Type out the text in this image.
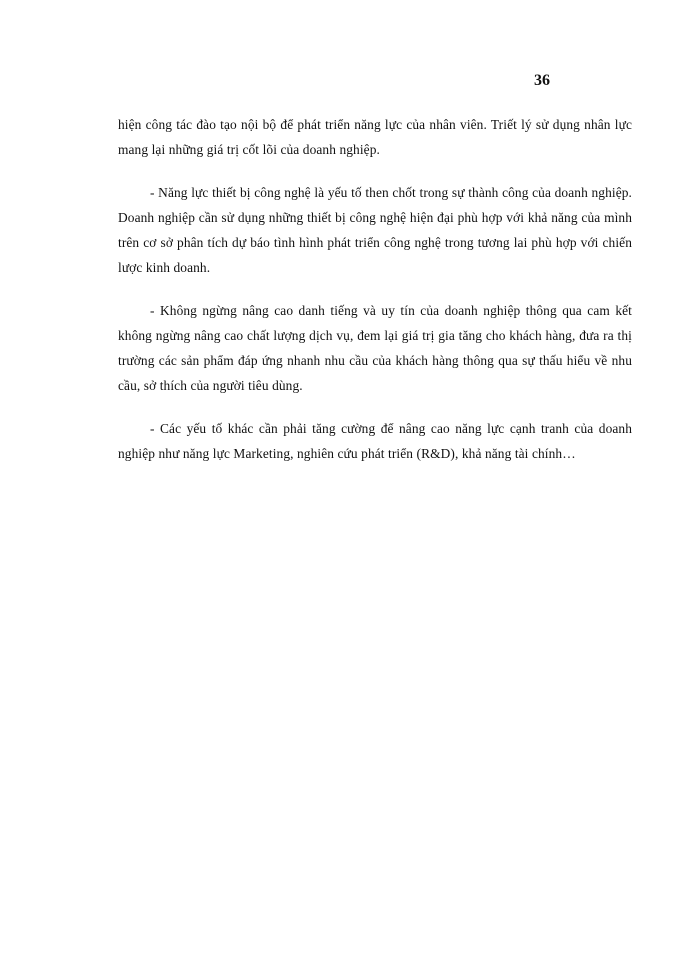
36

hiện công tác đào tạo nội bộ để phát triển năng lực của nhân viên. Triết lý sử dụng nhân lực mang lại những giá trị cốt lõi của doanh nghiệp.

- Năng lực thiết bị công nghệ là yếu tố then chốt trong sự thành công của doanh nghiệp. Doanh nghiệp cần sử dụng những thiết bị công nghệ hiện đại phù hợp với khả năng của mình trên cơ sở phân tích dự báo tình hình phát triển công nghệ trong tương lai phù hợp với chiến lược kinh doanh.

- Không ngừng nâng cao danh tiếng và uy tín của doanh nghiệp thông qua cam kết không ngừng nâng cao chất lượng dịch vụ, đem lại giá trị gia tăng cho khách hàng, đưa ra thị trường các sản phẩm đáp ứng nhanh nhu cầu của khách hàng thông qua sự thấu hiểu về nhu cầu, sở thích của người tiêu dùng.

- Các yếu tố khác cần phải tăng cường để nâng cao năng lực cạnh tranh của doanh nghiệp như năng lực Marketing, nghiên cứu phát triển (R&D), khả năng tài chính…
